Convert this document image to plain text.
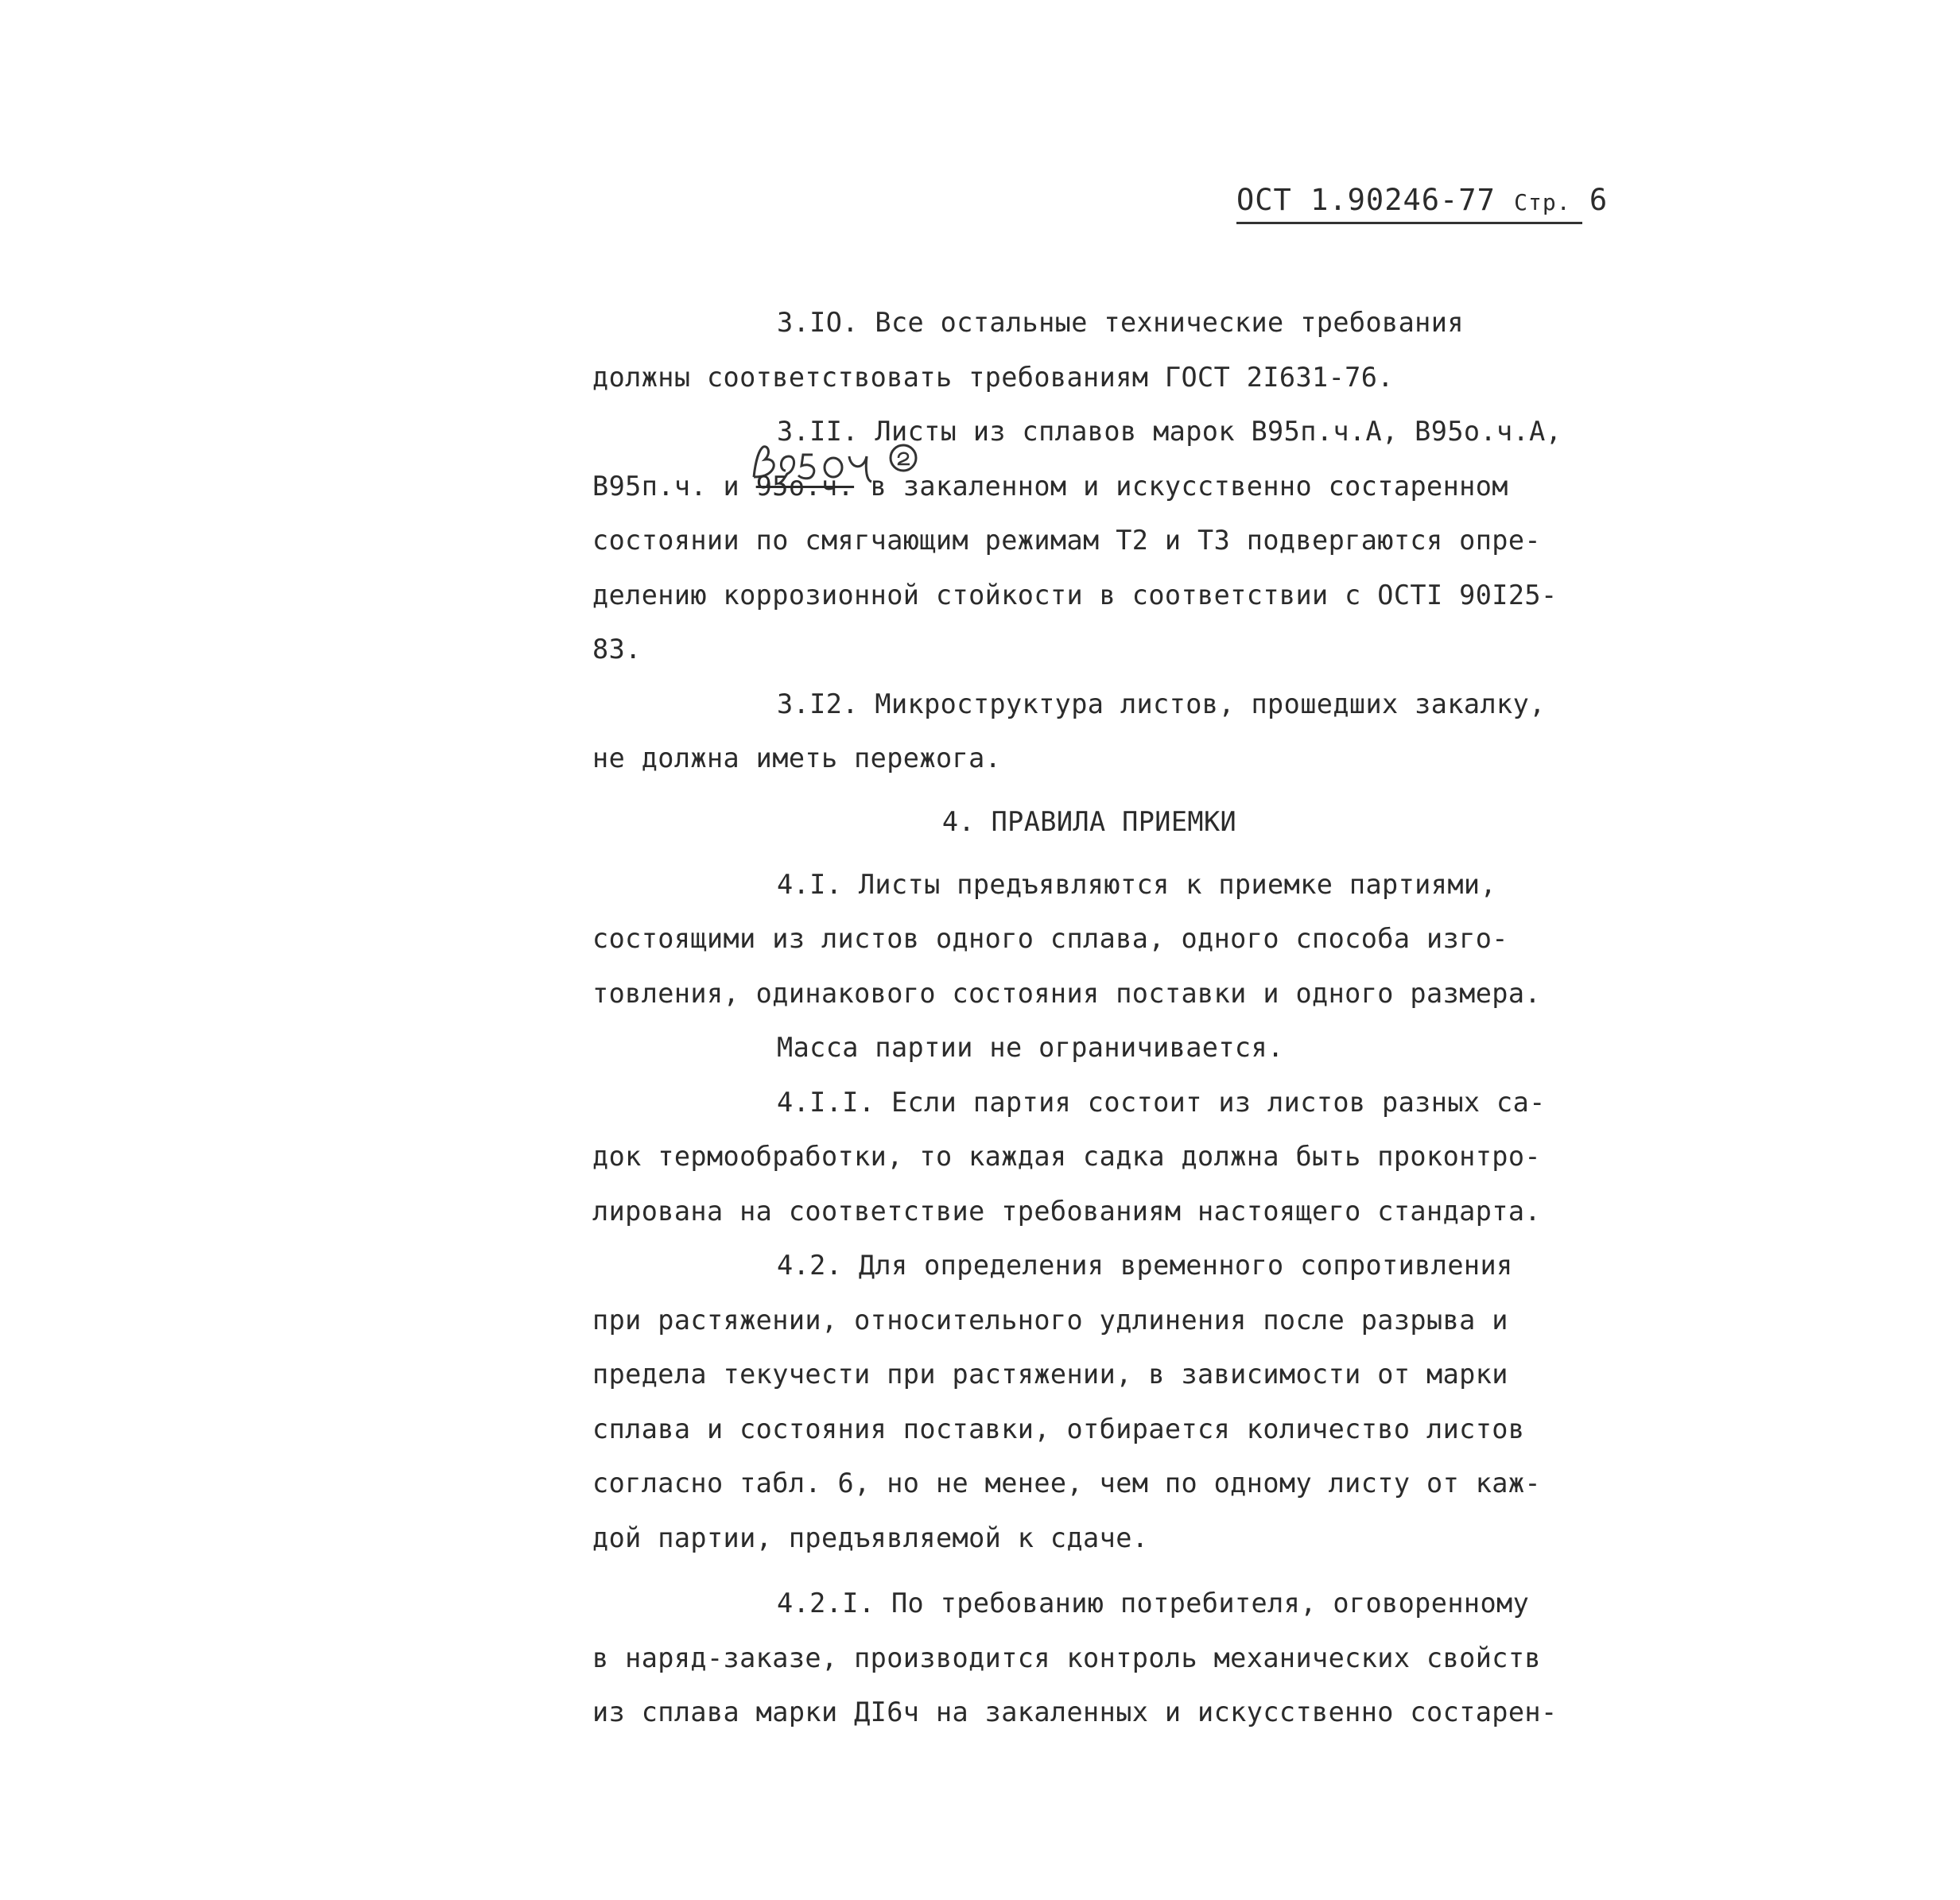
ОСТ 1.90246-77 Стр. 6
3.IO. Все остальные технические требования
должны соответствовать требованиям ГОСТ 2I631-76.
3.II. Листы из сплавов марок В95п.ч.А, В95о.ч.А,
В95п.ч. и 95о.ч. в закаленном и искусственно состаренном
состоянии по смягчающим режимам Т2 и Т3 подвергаются опре-
делению коррозионной стойкости в соответствии с ОСТI 90I25-
83.
3.I2. Микроструктура листов, прошедших закалку,
не должна иметь пережога.
4. ПРАВИЛА ПРИЕМКИ
4.I. Листы предъявляются к приемке партиями,
состоящими из листов одного сплава, одного способа изго-
товления, одинакового состояния поставки и одного размера.
Масса партии не ограничивается.
4.I.I. Если партия состоит из листов разных са-
док термообработки, то каждая садка должна быть проконтро-
лирована на соответствие требованиям настоящего стандарта.
4.2. Для определения временного сопротивления
при растяжении, относительного удлинения после разрыва и
предела текучести при растяжении, в зависимости от марки
сплава и состояния поставки, отбирается количество листов
согласно табл. 6, но не менее, чем по одному листу от каж-
дой партии, предъявляемой к сдаче.
4.2.I. По требованию потребителя, оговоренному
в наряд-заказе, производится контроль механических свойств
из сплава марки ДI6ч на закаленных и искусственно состарен-
